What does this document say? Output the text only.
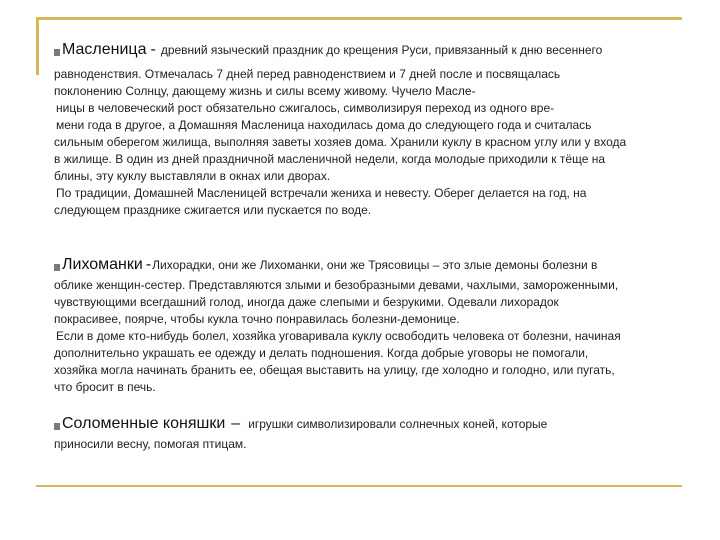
Масленица - древний языческий праздник до крещения Руси, привязанный к дню весеннего
равноденствия. Отмечалась 7 дней перед равноденствием и 7 дней после и посвящалась
поклонению Солнцу, дающему жизнь и силы всему живому. Чучело Масле-
ницы в человеческий рост обязательно сжигалось, символизируя переход из одного вре-
мени года в другое, а Домашняя Масленица находилась дома до следующего года и считалась
сильным оберегом жилища, выполняя заветы хозяев дома. Хранили куклу в красном углу или у входа
в жилище. В один из дней праздничной масленичной недели, когда молодые приходили к тёще на
блины, эту куклу выставляли в окнах или дворах.
По традиции, Домашней Масленицей встречали жениха и невесту. Оберег делается на год, на
следующем празднике сжигается или пускается по воде.
Лихоманки - Лихорадки, они же Лихоманки, они же Трясовицы – это злые демоны болезни в
облике женщин-сестер. Представляются злыми и безобразными девами, чахлыми, замороженными,
чувствующими всегдашний голод, иногда даже слепыми и безрукими. Одевали лихорадок
покрасивее, поярче, чтобы кукла точно понравилась болезни-демонице.
Если в доме кто-нибудь болел, хозяйка уговаривала куклу освободить человека от болезни, начиная
дополнительно украшать ее одежду и делать подношения. Когда добрые уговоры не помогали,
хозяйка могла начинать бранить ее, обещая выставить на улицу, где холодно и голодно, или пугать,
что бросит в печь.
Соломенные коняшки – игрушки символизировали солнечных коней, которые
приносили весну, помогая птицам.
